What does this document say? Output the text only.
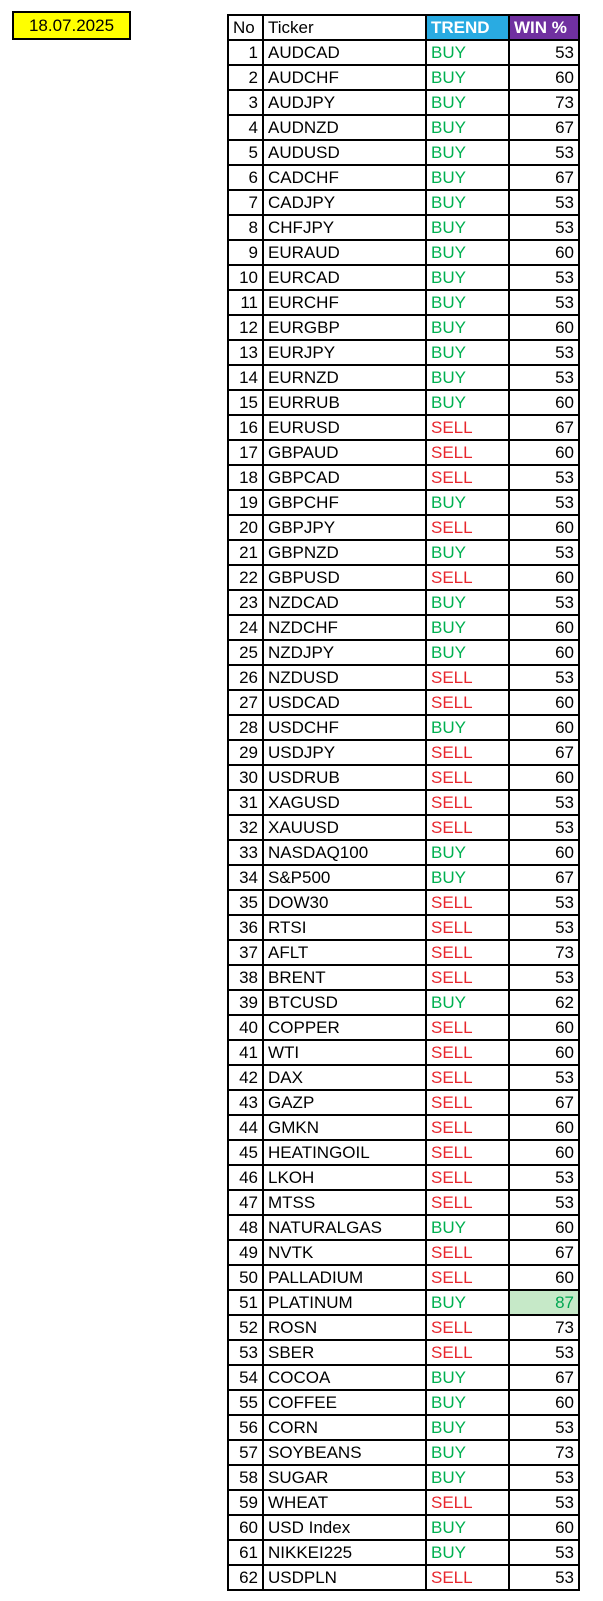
18.07.2025	No	Ticker	TREND	WIN %
1	AUDCAD	BUY	53
2	AUDCHF	BUY	60
3	AUDJPY	BUY	73
4	AUDNZD	BUY	67
5	AUDUSD	BUY	53
6	CADCHF	BUY	67
7	CADJPY	BUY	53
8	CHFJPY	BUY	53
9	EURAUD	BUY	60
10	EURCAD	BUY	53
11	EURCHF	BUY	53
12	EURGBP	BUY	60
13	EURJPY	BUY	53
14	EURNZD	BUY	53
15	EURRUB	BUY	60
16	EURUSD	SELL	67
17	GBPAUD	SELL	60
18	GBPCAD	SELL	53
19	GBPCHF	BUY	53
20	GBPJPY	SELL	60
21	GBPNZD	BUY	53
22	GBPUSD	SELL	60
23	NZDCAD	BUY	53
24	NZDCHF	BUY	60
25	NZDJPY	BUY	60
26	NZDUSD	SELL	53
27	USDCAD	SELL	60
28	USDCHF	BUY	60
29	USDJPY	SELL	67
30	USDRUB	SELL	60
31	XAGUSD	SELL	53
32	XAUUSD	SELL	53
33	NASDAQ100	BUY	60
34	S&P500	BUY	67
35	DOW30	SELL	53
36	RTSI	SELL	53
37	AFLT	SELL	73
38	BRENT	SELL	53
39	BTCUSD	BUY	62
40	COPPER	SELL	60
41	WTI	SELL	60
42	DAX	SELL	53
43	GAZP	SELL	67
44	GMKN	SELL	60
45	HEATINGOIL	SELL	60
46	LKOH	SELL	53
47	MTSS	SELL	53
48	NATURALGAS	BUY	60
49	NVTK	SELL	67
50	PALLADIUM	SELL	60
51	PLATINUM	BUY	87
52	ROSN	SELL	73
53	SBER	SELL	53
54	COCOA	BUY	67
55	COFFEE	BUY	60
56	CORN	BUY	53
57	SOYBEANS	BUY	73
58	SUGAR	BUY	53
59	WHEAT	SELL	53
60	USD Index	BUY	60
61	NIKKEI225	BUY	53
62	USDPLN	SELL	53
